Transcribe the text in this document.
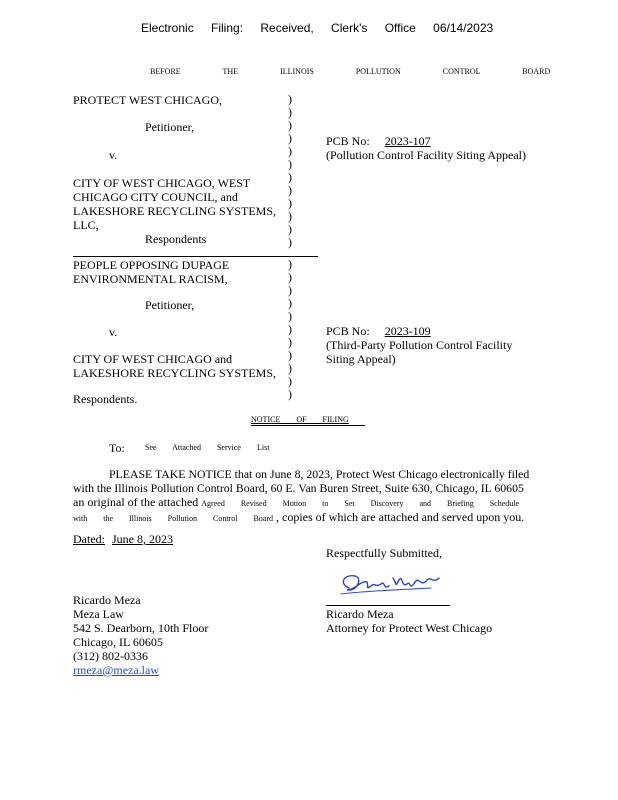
Electronic Filing: Received, Clerk's Office 06/14/2023
BEFORE THE ILLINOIS POLLUTION CONTROL BOARD
PROTECT WEST CHICAGO,
Petitioner,
v.
CITY OF WEST CHICAGO, WEST
CHICAGO CITY COUNCIL, and
LAKESHORE RECYCLING SYSTEMS,
LLC,
Respondents
PCB No: 2023-107
(Pollution Control Facility Siting Appeal)
PEOPLE OPPOSING DUPAGE
ENVIRONMENTAL RACISM,
Petitioner,
v.
CITY OF WEST CHICAGO and
LAKESHORE RECYCLING SYSTEMS,
Respondents.
PCB No: 2023-109
(Third-Party Pollution Control Facility
Siting Appeal)
)
)
)
)
)
)
)
)
)
)
)
)
)
)
)
)
)
)
)
)
)
)
)
NOTICE OF FILING
To:	See Attached Service List
PLEASE TAKE NOTICE that on June 8, 2023, Protect West Chicago electronically filed
with the Illinois Pollution Control Board, 60 E. Van Buren Street, Suite 630, Chicago, IL 60605
an original of the attached Agreed Revised Motion to Set Discovery and Briefing Schedule
with the Illinois Pollution Control Board , copies of which are attached and served upon you.
Dated: June 8, 2023
Respectfully Submitted,
Ricardo Meza
Attorney for Protect West Chicago
Ricardo Meza
Meza Law
542 S. Dearborn, 10th Floor
Chicago, IL 60605
(312) 802-0336
rmeza@meza.law
